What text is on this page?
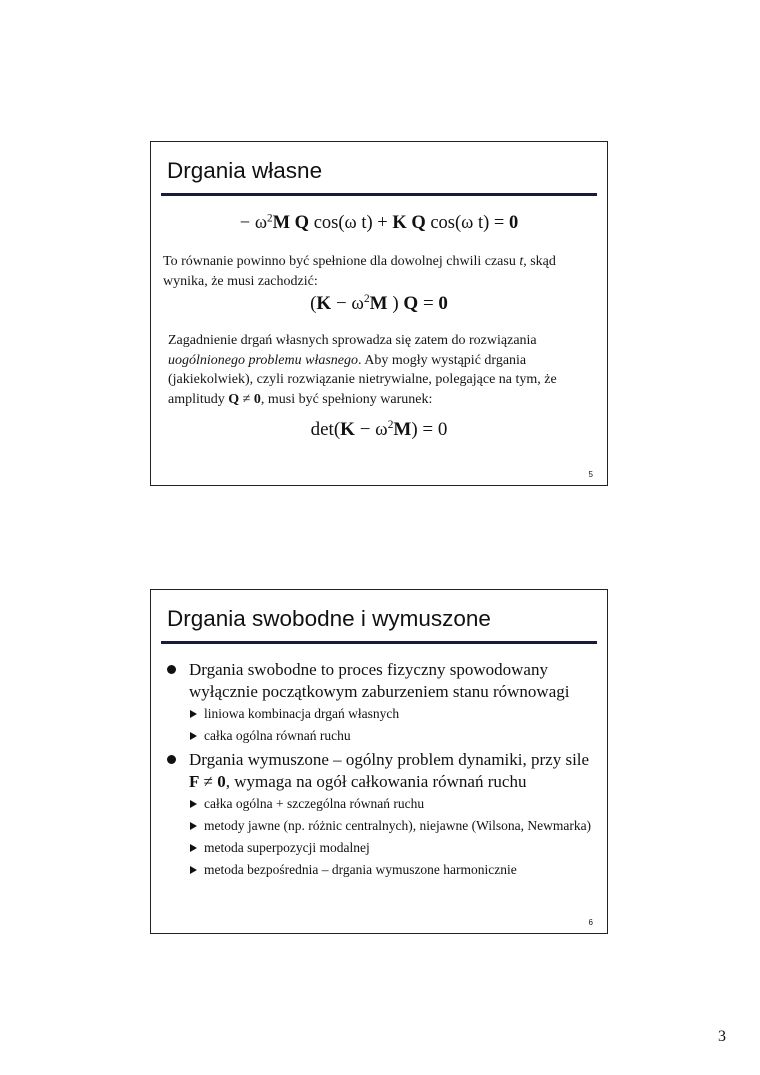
Drgania własne
− $\omega^2M$ Q cos(ω t) + K Q cos(ω t) = 0
To równanie powinno być spełnione dla dowolnej chwili czasu t, skąd wynika, że musi zachodzić:
($K - \omega^2M$ ) Q = 0
Zagadnienie drgań własnych sprowadza się zatem do rozwiązania uogólnionego problemu własnego. Aby mogły wystąpić drgania (jakiekolwiek), czyli rozwiązanie nietrywialne, polegające na tym, że amplitudy Q ≠ 0, musi być spełniony warunek:
$\det(K - \omega^2M) = 0$
5
Drgania swobodne i wymuszone
Drgania swobodne to proces fizyczny spowodowany wyłącznie początkowym zaburzeniem stanu równowagi
liniowa kombinacja drgań własnych
całka ogólna równań ruchu
Drgania wymuszone – ogólny problem dynamiki, przy sile F ≠ 0, wymaga na ogół całkowania równań ruchu
całka ogólna + szczególna równań ruchu
metody jawne (np. różnic centralnych), niejawne (Wilsona, Newmarka)
metoda superpozycji modalnej
metoda bezpośrednia – drgania wymuszone harmonicznie
6
3
